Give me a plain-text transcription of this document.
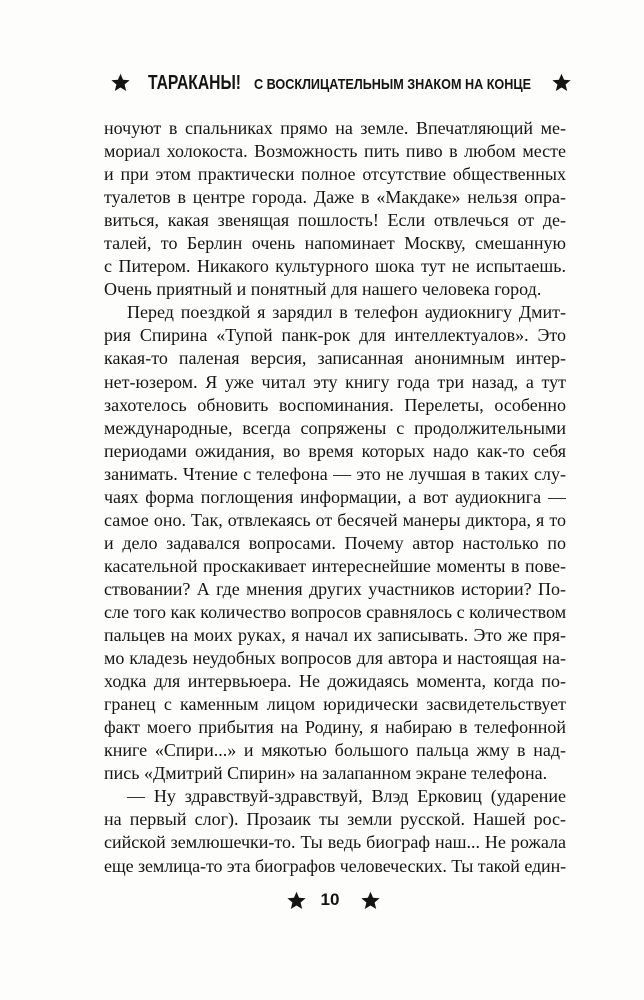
ТАРАКАНЫ! С ВОСКЛИЦАТЕЛЬНЫМ ЗНАКОМ НА КОНЦЕ
ночуют в спальниках прямо на земле. Впечатляющий ме-
мориал холокоста. Возможность пить пиво в любом месте
и при этом практически полное отсутствие общественных
туалетов в центре города. Даже в «Макдаке» нельзя опра-
виться, какая звенящая пошлость! Если отвлечься от де-
талей, то Берлин очень напоминает Москву, смешанную
с Питером. Никакого культурного шока тут не испытаешь.
Очень приятный и понятный для нашего человека город.
Перед поездкой я зарядил в телефон аудиокнигу Дмит-
рия Спирина «Тупой панк-рок для интеллектуалов». Это
какая-то паленая версия, записанная анонимным интер-
нет-юзером. Я уже читал эту книгу года три назад, а тут
захотелось обновить воспоминания. Перелеты, особенно
международные, всегда сопряжены с продолжительными
периодами ожидания, во время которых надо как-то себя
занимать. Чтение с телефона — это не лучшая в таких слу-
чаях форма поглощения информации, а вот аудиокнига —
самое оно. Так, отвлекаясь от бесячей манеры диктора, я то
и дело задавался вопросами. Почему автор настолько по
касательной проскакивает интереснейшие моменты в пове-
ствовании? А где мнения других участников истории? По-
сле того как количество вопросов сравнялось с количеством
пальцев на моих руках, я начал их записывать. Это же пря-
мо кладезь неудобных вопросов для автора и настоящая на-
ходка для интервьюера. Не дожидаясь момента, когда по-
гранец с каменным лицом юридически засвидетельствует
факт моего прибытия на Родину, я набираю в телефонной
книге «Спири...» и мякотью большого пальца жму в над-
пись «Дмитрий Спирин» на залапанном экране телефона.
— Ну здравствуй-здравствуй, Влэд Ерковиц (ударение
на первый слог). Прозаик ты земли русской. Нашей рос-
сийской землюшечки-то. Ты ведь биограф наш... Не рожала
еще землица-то эта биографов человеческих. Ты такой един-
10
